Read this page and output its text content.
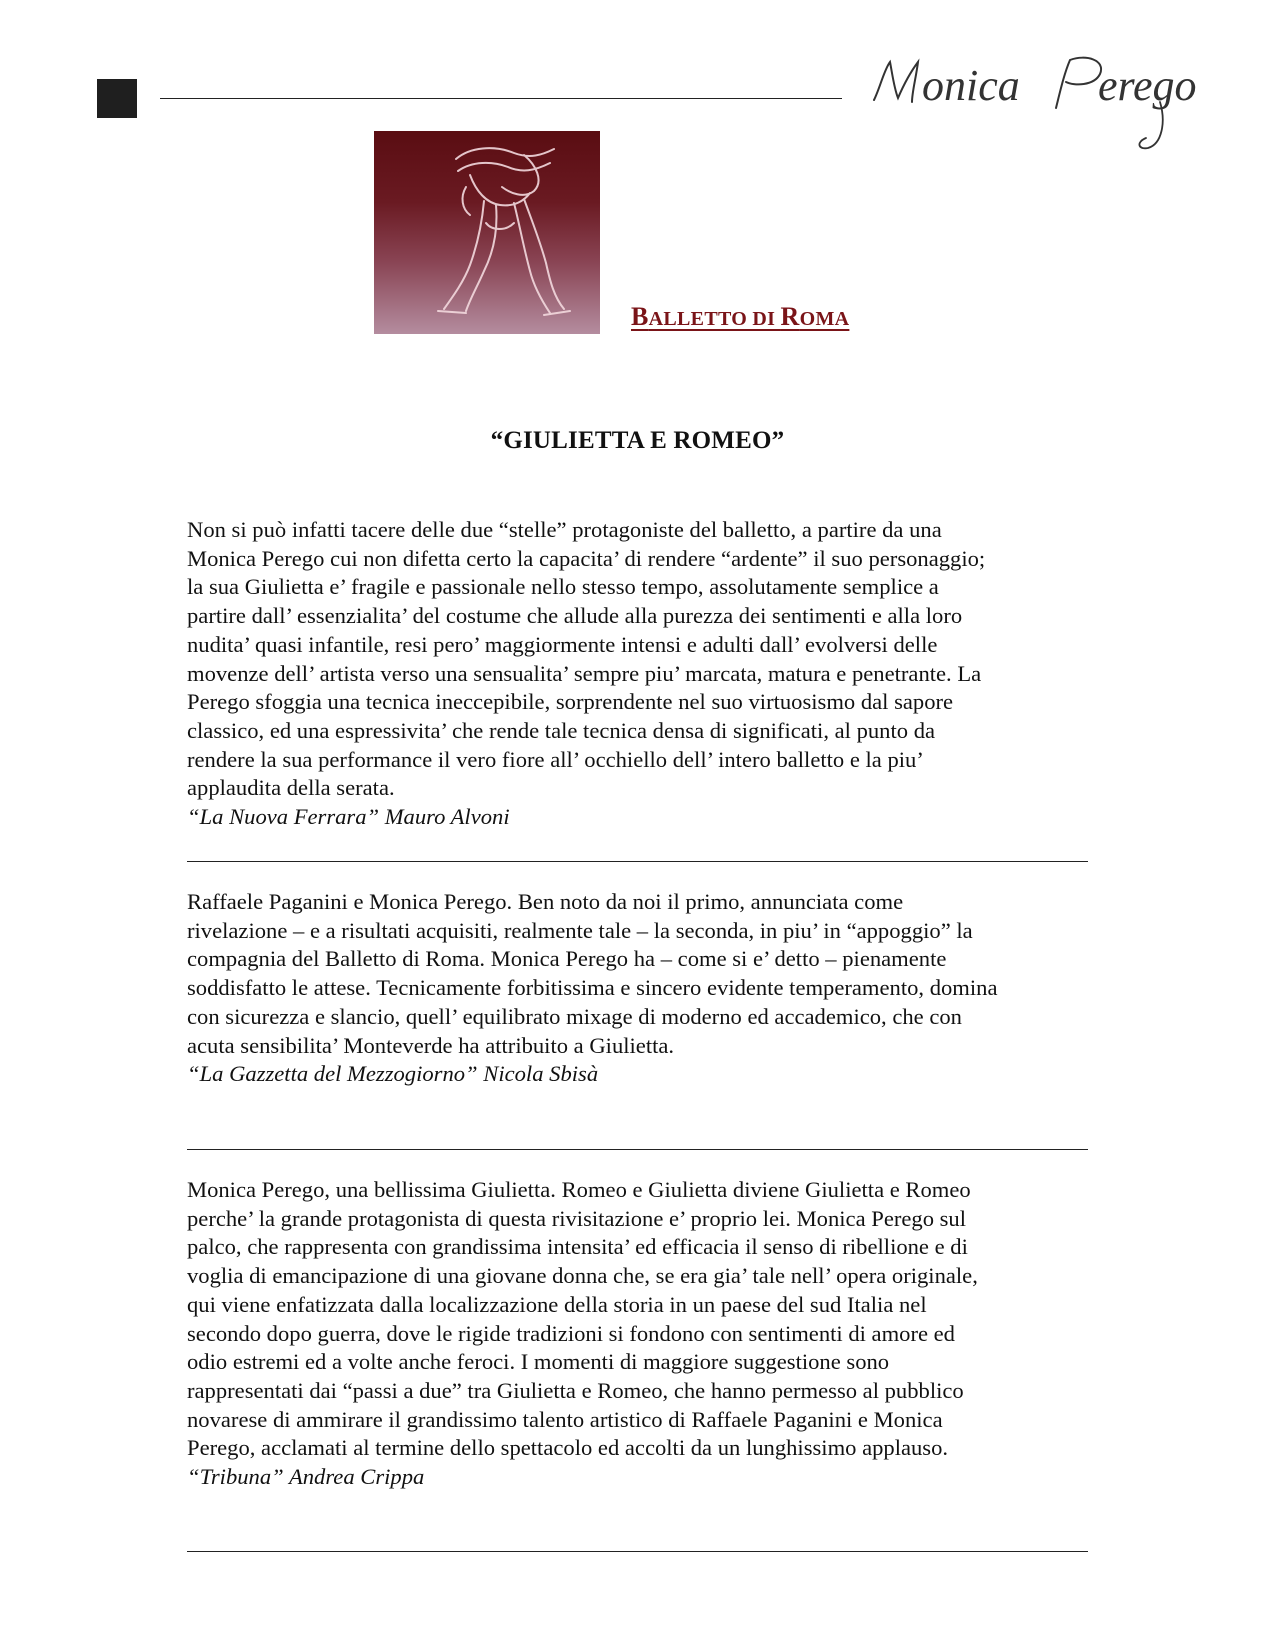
onica erego
BALLETTO DI ROMA
“GIULIETTA E ROMEO”

Non si può infatti tacere delle due “stelle” protagoniste del balletto, a partire da una

Monica Perego cui non difetta certo la capacita’ di rendere “ardente” il suo personaggio;

la sua Giulietta e’ fragile e passionale nello stesso tempo, assolutamente semplice a

partire dall’ essenzialita’ del costume che allude alla purezza dei sentimenti e alla loro

nudita’ quasi infantile, resi pero’ maggiormente intensi e adulti dall’ evolversi delle

movenze dell’ artista verso una sensualita’ sempre piu’ marcata, matura e penetrante. La

Perego sfoggia una tecnica ineccepibile, sorprendente nel suo virtuosismo dal sapore

classico, ed una espressivita’ che rende tale tecnica densa di significati, al punto da

rendere la sua performance il vero fiore all’ occhiello dell’ intero balletto e la piu’

applaudita della serata.

“La Nuova Ferrara” Mauro Alvoni

Raffaele Paganini e Monica Perego. Ben noto da noi il primo, annunciata come

rivelazione – e a risultati acquisiti, realmente tale – la seconda, in piu’ in “appoggio” la

compagnia del Balletto di Roma. Monica Perego ha – come si e’ detto – pienamente

soddisfatto le attese. Tecnicamente forbitissima e sincero evidente temperamento, domina

con sicurezza e slancio, quell’ equilibrato mixage di moderno ed accademico, che con

acuta sensibilita’ Monteverde ha attribuito a Giulietta.

“La Gazzetta del Mezzogiorno” Nicola Sbisà

Monica Perego, una bellissima Giulietta. Romeo e Giulietta diviene Giulietta e Romeo

perche’ la grande protagonista di questa rivisitazione e’ proprio lei. Monica Perego sul

palco, che rappresenta con grandissima intensita’ ed efficacia il senso di ribellione e di

voglia di emancipazione di una giovane donna che, se era gia’ tale nell’ opera originale,

qui viene enfatizzata dalla localizzazione della storia in un paese del sud Italia nel

secondo dopo guerra, dove le rigide tradizioni si fondono con sentimenti di amore ed

odio estremi ed a volte anche feroci. I momenti di maggiore suggestione sono

rappresentati dai “passi a due” tra Giulietta e Romeo, che hanno permesso al pubblico

novarese di ammirare il grandissimo talento artistico di Raffaele Paganini e Monica

Perego, acclamati al termine dello spettacolo ed accolti da un lunghissimo applauso.

“Tribuna” Andrea Crippa
